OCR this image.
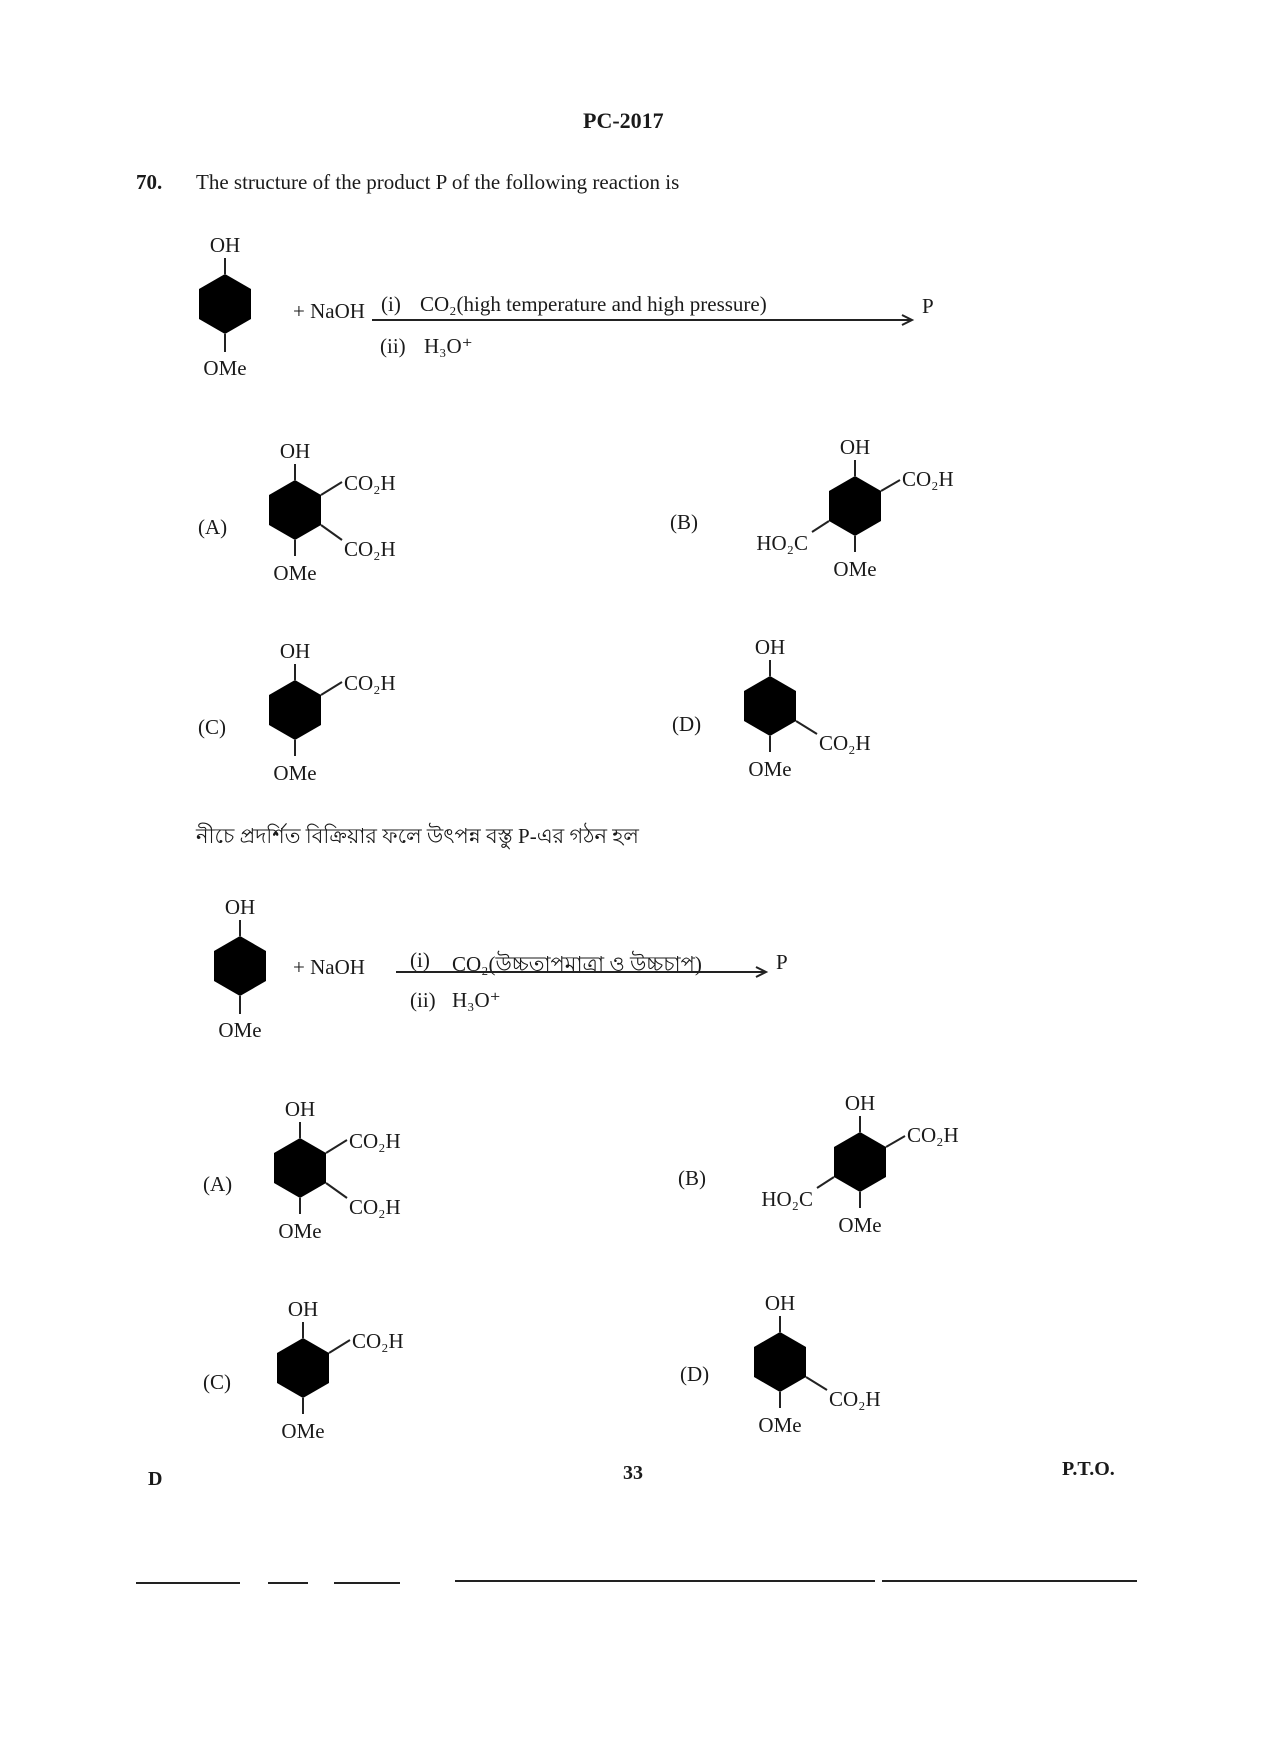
PC-2017
70. The structure of the product P of the following reaction is
OH
OMe
+ NaOH (i) CO₂(high temperature and high pressure)
(ii) H₃O⁺
P
(A)
OH
CO₂H
CO₂H
OMe
(B)
OH
CO₂H
HO₂C
OMe
(C)
OH
CO₂H
OMe
(D)
OH
CO₂H
OMe
নীচে প্রদর্শিত বিক্রিয়ার ফলে উৎপন্ন বস্তু P-এর গঠন হল
OH
OMe
+ NaOH (i) CO₂(উচ্চতাপমাত্রা ও উচ্চচাপ)
(ii) H₃O⁺
P
(A)
OH
CO₂H
CO₂H
OMe
(B)
OH
CO₂H
HO₂C
OMe
(C)
OH
CO₂H
OMe
(D)
OH
CO₂H
OMe
D	33	P.T.O.
